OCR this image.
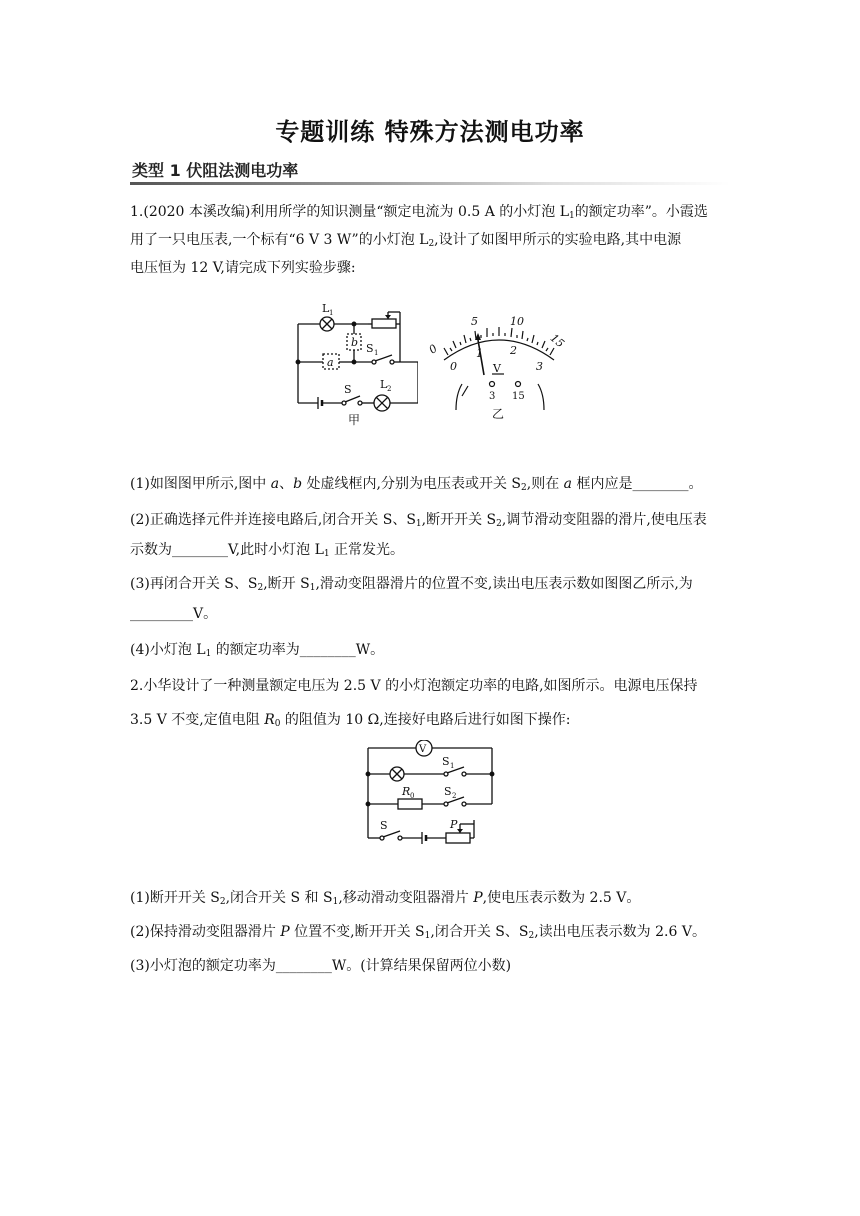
专题训练 特殊方法测电功率
类型 1 伏阻法测电功率
1.(2020 本溪改编)利用所学的知识测量“额定电流为 0.5 A 的小灯泡 $L_1$的额定功率”。小霞选
用了一只电压表,一个标有“6 V 3 W”的小灯泡 $L_2$,设计了如图甲所示的实验电路,其中电源
电压恒为 12 V,请完成下列实验步骤:
b
a
S 1
S	L 2
L 1
甲
0
5	10
15
0
1 2
3
V
3 15
乙
(1)如图图甲所示,图中 a、b 处虚线框内,分别为电压表或开关 $S_2$,则在 a 框内应是________。
(2)正确选择元件并连接电路后,闭合开关 S、$S_1$,断开开关 $S_2$,调节滑动变阻器的滑片,使电压表
示数为________V,此时小灯泡 $L_1$ 正常发光。
(3)再闭合开关 S、$S_2$,断开 $S_1$,滑动变阻器滑片的位置不变,读出电压表示数如图图乙所示,为
_________V。
(4)小灯泡 $L_1$ 的额定功率为________W。
2.小华设计了一种测量额定电压为 2.5 V 的小灯泡额定功率的电路,如图所示。电源电压保持
3.5 V 不变,定值电阻 $R_0$ 的阻值为 10 Ω,连接好电路后进行如图下操作:
V
S 1
R 0	S 2
S	P
(1)断开开关 $S_2$,闭合开关 S 和 $S_1$,移动滑动变阻器滑片 P,使电压表示数为 2.5 V。
(2)保持滑动变阻器滑片 P 位置不变,断开开关 $S_1$,闭合开关 S、$S_2$,读出电压表示数为 2.6 V。
(3)小灯泡的额定功率为________W。(计算结果保留两位小数)
